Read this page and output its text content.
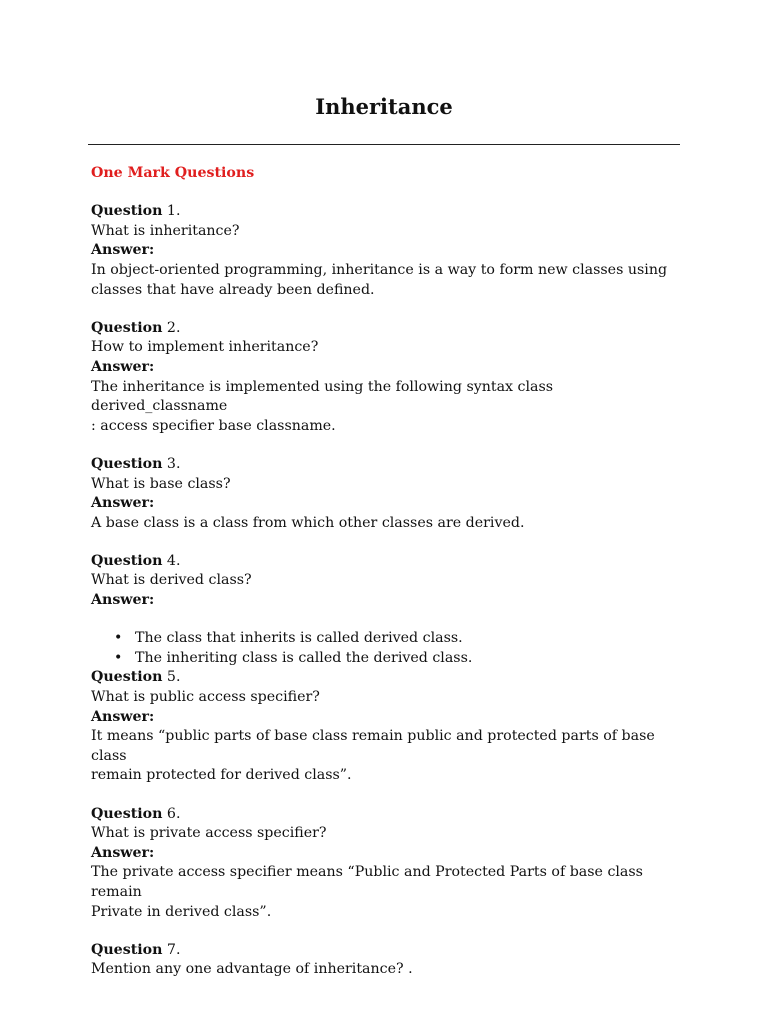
Inheritance
One Mark Questions
Question 1.
What is inheritance?
Answer:
In object-oriented programming, inheritance is a way to form new classes using
classes that have already been defined.
Question 2.
How to implement inheritance?
Answer:
The inheritance is implemented using the following syntax class derived_classname
: access specifier base classname.
Question 3.
What is base class?
Answer:
A base class is a class from which other classes are derived.
Question 4.
What is derived class?
Answer:
• The class that inherits is called derived class.
• The inheriting class is called the derived class.
Question 5.
What is public access specifier?
Answer:
It means “public parts of base class remain public and protected parts of base class
remain protected for derived class”.
Question 6.
What is private access specifier?
Answer:
The private access specifier means “Public and Protected Parts of base class remain
Private in derived class”.
Question 7.
Mention any one advantage of inheritance? .
